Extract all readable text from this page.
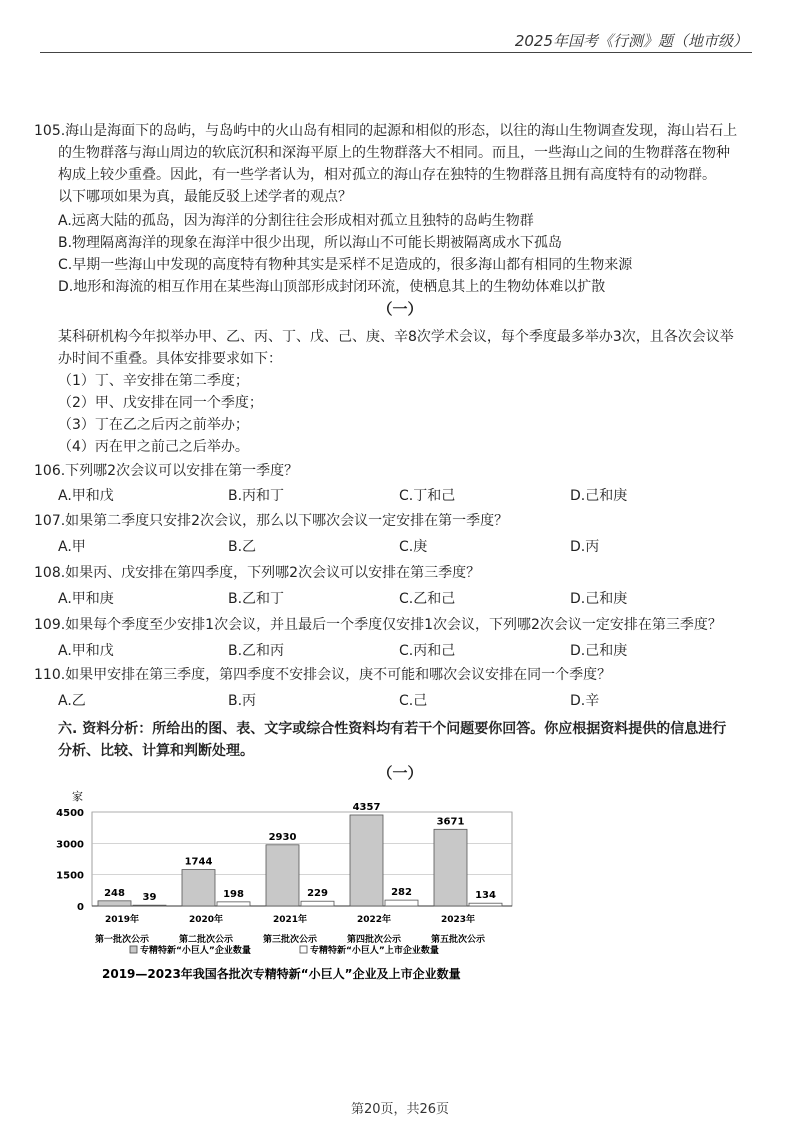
2025年国考《行测》题（地市级）
105.海山是海面下的岛屿，与岛屿中的火山岛有相同的起源和相似的形态，以往的海山生物调查发现，海山岩石上
的生物群落与海山周边的软底沉积和深海平原上的生物群落大不相同。而且，一些海山之间的生物群落在物种
构成上较少重叠。因此，有一些学者认为，相对孤立的海山存在独特的生物群落且拥有高度特有的动物群。
以下哪项如果为真，最能反驳上述学者的观点？
A.远离大陆的孤岛，因为海洋的分割往往会形成相对孤立且独特的岛屿生物群
B.物理隔离海洋的现象在海洋中很少出现，所以海山不可能长期被隔离成水下孤岛
C.早期一些海山中发现的高度特有物种其实是采样不足造成的，很多海山都有相同的生物来源
D.地形和海流的相互作用在某些海山顶部形成封闭环流，使栖息其上的生物幼体难以扩散
（一）
某科研机构今年拟举办甲、乙、丙、丁、戊、己、庚、辛8次学术会议，每个季度最多举办3次，且各次会议举
办时间不重叠。具体安排要求如下：
（1）丁、辛安排在第二季度；
（2）甲、戊安排在同一个季度；
（3）丁在乙之后丙之前举办；
（4）丙在甲之前己之后举办。
106.下列哪2次会议可以安排在第一季度？
A.甲和戊	B.丙和丁	C.丁和己	D.己和庚
107.如果第二季度只安排2次会议，那么以下哪次会议一定安排在第一季度？
A.甲	B.乙	C.庚	D.丙
108.如果丙、戊安排在第四季度，下列哪2次会议可以安排在第三季度？
A.甲和庚	B.乙和丁	C.乙和己	D.己和庚
109.如果每个季度至少安排1次会议，并且最后一个季度仅安排1次会议，下列哪2次会议一定安排在第三季度？
A.甲和戊	B.乙和丙	C.丙和己	D.己和庚
110.如果甲安排在第三季度，第四季度不安排会议，庚不可能和哪次会议安排在同一个季度？
A.乙	B.丙	C.己	D.辛
六. 资料分析：所给出的图、表、文字或综合性资料均有若干个问题要你回答。你应根据资料提供的信息进行
分析、比较、计算和判断处理。
（一）
家
0
1500
3000
4500
248 39
1744
198
2930
229
4357
282
3671
134
2019年
第一批次公示
2020年
第二批次公示
2021年
第三批次公示
2022年
第四批次公示
2023年
第五批次公示
专精特新“小巨人”企业数量	专精特新“小巨人”上市企业数量
2019—2023年我国各批次专精特新“小巨人”企业及上市企业数量
第20页，共26页
